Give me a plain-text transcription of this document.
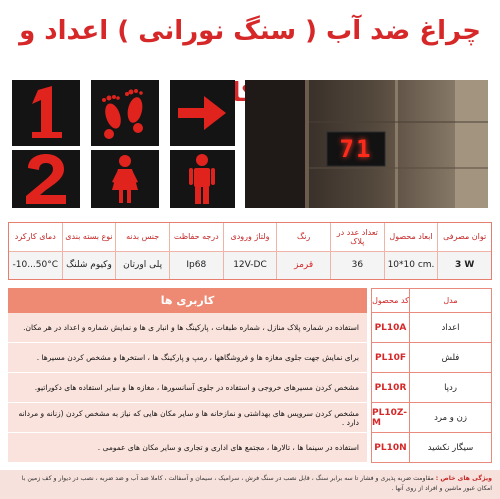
چراغ ضد آب ( سنگ نورانی ) اعداد و
71
توان مصرفی
3 W
ابعاد محصول
10*10 cm.
تعداد عدد در پلاک
36
رنگ
قرمز
ولتاژ ورودی
12V-DC
درجه حفاظت
Ip68
جنس بدنه
پلی اورتان
نوع بسته بندی
وکیوم شلنگ
دمای کارکرد
-10...50°C
مدل
کد محصول
کاربری ها
اعداد
PL10A
استفاده در شماره پلاک منازل ، شماره طبقات ، پارکینگ ها و انبار ی ها و نمایش شماره و اعداد در هر مکان.
فلش
PL10F
برای نمایش جهت جلوی مغازه ها و فروشگاهها ، رمپ و پارکینگ ها ، استخرها و مشخص کردن مسیرها .
ردپا
PL10R
مشخص کردن مسیرهای خروجی و استفاده در جلوی آسانسورها ، مغازه ها و سایر استفاده های دکوراتیو.
زن و مرد
PL10Z-M
مشخص کردن سرویس های بهداشتی و نمازخانه ها و سایر مکان هایی که نیاز به مشخص کردن (زنانه و مردانه دارد .
سیگار نکشید
PL10N
استفاده در سینما ها ، تالارها ، مجتمع های اداری و تجاری و سایر مکان های عمومی .
ویژگی های خاص : مقاومت ضربه پذیری و فشار تا سه برابر سنگ ، قابل نصب در سنگ فرش ، سرامیک ، سیمان و آسفالت ، کاملا ضد آب و ضد ضربه ، نصب در دیوار و کف زمین با امکان عبور ماشین و افراد از روی آنها .
